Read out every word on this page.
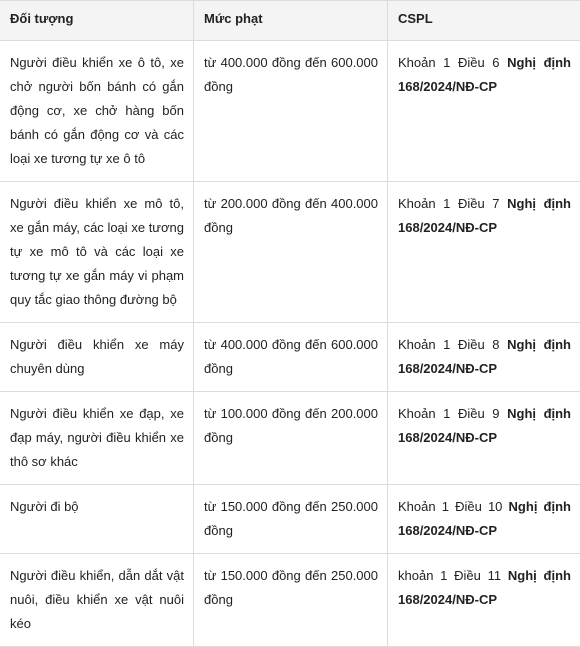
Đối tượng	Mức phạt	CSPL
Người điều khiển xe ô tô, xe chở người bốn bánh có gắn động cơ, xe chở hàng bốn bánh có gắn động cơ và các loại xe tương tự xe ô tô	từ 400.000 đồng đến 600.000 đồng	Khoản 1 Điều 6 Nghị định 168/2024/NĐ-CP
Người điều khiển xe mô tô, xe gắn máy, các loại xe tương tự xe mô tô và các loại xe tương tự xe gắn máy vi phạm quy tắc giao thông đường bộ	từ 200.000 đồng đến 400.000 đồng	Khoản 1 Điều 7 Nghị định 168/2024/NĐ-CP
Người điều khiển xe máy chuyên dùng	từ 400.000 đồng đến 600.000 đồng	Khoản 1 Điều 8 Nghị định 168/2024/NĐ-CP
Người điều khiển xe đạp, xe đạp máy, người điều khiển xe thô sơ khác	từ 100.000 đồng đến 200.000 đồng	Khoản 1 Điều 9 Nghị định 168/2024/NĐ-CP
Người đi bộ	từ 150.000 đồng đến 250.000 đồng	Khoản 1 Điều 10 Nghị định 168/2024/NĐ-CP
Người điều khiển, dẫn dắt vật nuôi, điều khiển xe vật nuôi kéo	từ 150.000 đồng đến 250.000 đồng	khoản 1 Điều 11 Nghị định 168/2024/NĐ-CP
